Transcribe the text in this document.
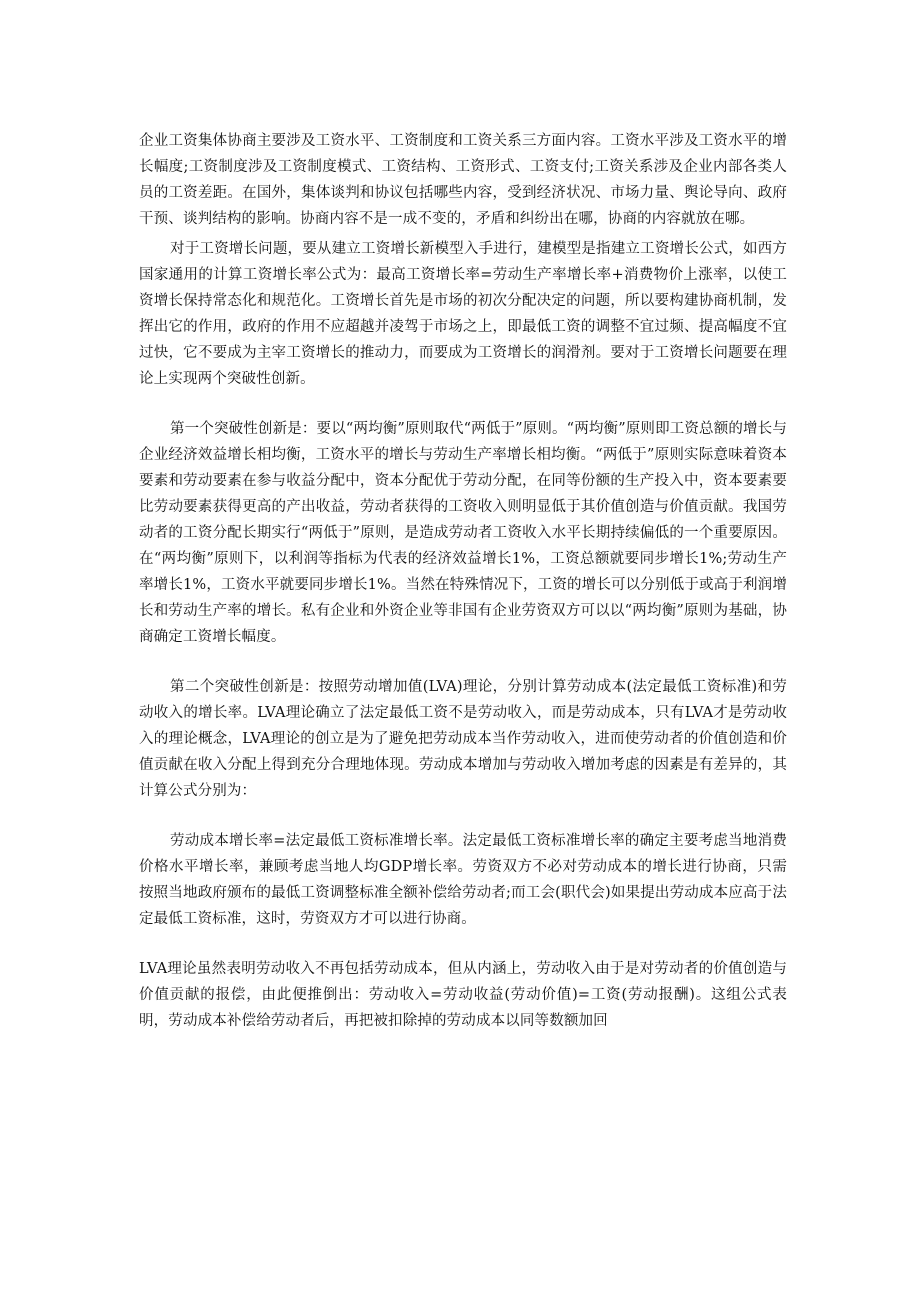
企业工资集体协商主要涉及工资水平、工资制度和工资关系三方面内容。工资水平涉及工资水平的增长幅度;工资制度涉及工资制度模式、工资结构、工资形式、工资支付;工资关系涉及企业内部各类人员的工资差距。在国外，集体谈判和协议包括哪些内容，受到经济状况、市场力量、舆论导向、政府干预、谈判结构的影响。协商内容不是一成不变的，矛盾和纠纷出在哪，协商的内容就放在哪。

对于工资增长问题，要从建立工资增长新模型入手进行，建模型是指建立工资增长公式，如西方国家通用的计算工资增长率公式为：最高工资增长率=劳动生产率增长率+消费物价上涨率，以使工资增长保持常态化和规范化。工资增长首先是市场的初次分配决定的问题，所以要构建协商机制，发挥出它的作用，政府的作用不应超越并凌驾于市场之上，即最低工资的调整不宜过频、提高幅度不宜过快，它不要成为主宰工资增长的推动力，而要成为工资增长的润滑剂。要对于工资增长问题要在理论上实现两个突破性创新。

第一个突破性创新是：要以“两均衡”原则取代“两低于”原则。“两均衡”原则即工资总额的增长与企业经济效益增长相均衡，工资水平的增长与劳动生产率增长相均衡。“两低于”原则实际意味着资本要素和劳动要素在参与收益分配中，资本分配优于劳动分配，在同等份额的生产投入中，资本要素要比劳动要素获得更高的产出收益，劳动者获得的工资收入则明显低于其价值创造与价值贡献。我国劳动者的工资分配长期实行“两低于”原则，是造成劳动者工资收入水平长期持续偏低的一个重要原因。在“两均衡”原则下，以利润等指标为代表的经济效益增长1%，工资总额就要同步增长1%;劳动生产率增长1%，工资水平就要同步增长1%。当然在特殊情况下，工资的增长可以分别低于或高于利润增长和劳动生产率的增长。私有企业和外资企业等非国有企业劳资双方可以以“两均衡”原则为基础，协商确定工资增长幅度。

第二个突破性创新是：按照劳动增加值(LVA)理论，分别计算劳动成本(法定最低工资标准)和劳动收入的增长率。LVA理论确立了法定最低工资不是劳动收入，而是劳动成本，只有LVA才是劳动收入的理论概念，LVA理论的创立是为了避免把劳动成本当作劳动收入，进而使劳动者的价值创造和价值贡献在收入分配上得到充分合理地体现。劳动成本增加与劳动收入增加考虑的因素是有差异的，其计算公式分别为：

劳动成本增长率=法定最低工资标准增长率。法定最低工资标准增长率的确定主要考虑当地消费价格水平增长率，兼顾考虑当地人均GDP增长率。劳资双方不必对劳动成本的增长进行协商，只需按照当地政府颁布的最低工资调整标准全额补偿给劳动者;而工会(职代会)如果提出劳动成本应高于法定最低工资标准，这时，劳资双方才可以进行协商。

LVA理论虽然表明劳动收入不再包括劳动成本，但从内涵上，劳动收入由于是对劳动者的价值创造与价值贡献的报偿，由此便推倒出：劳动收入=劳动收益(劳动价值)=工资(劳动报酬)。这组公式表明，劳动成本补偿给劳动者后，再把被扣除掉的劳动成本以同等数额加回
